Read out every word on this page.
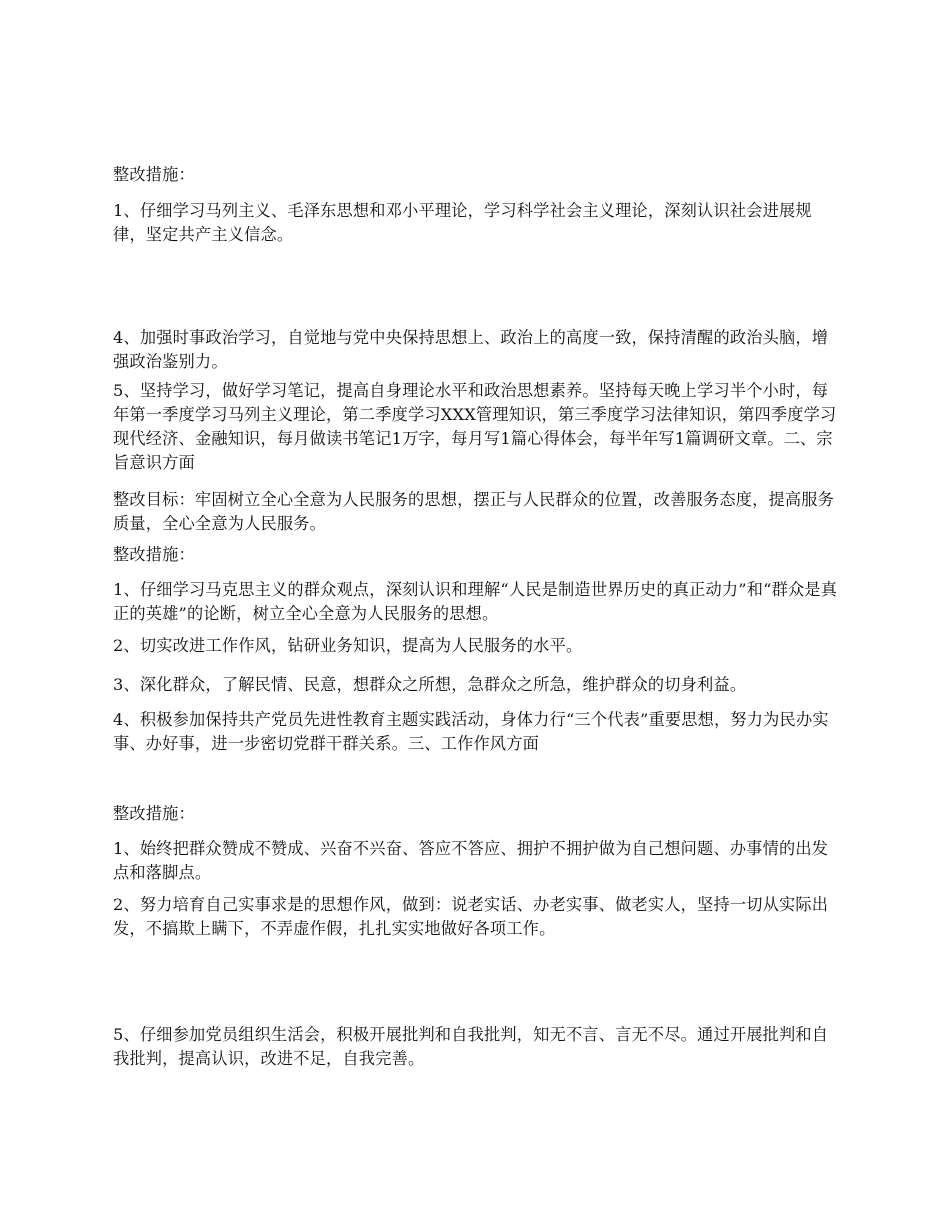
整改措施：

1、仔细学习马列主义、毛泽东思想和邓小平理论，学习科学社会主义理论，深刻认识社会进展规律，坚定共产主义信念。

4、加强时事政治学习，自觉地与党中央保持思想上、政治上的高度一致，保持清醒的政治头脑，增强政治鉴别力。

5、坚持学习，做好学习笔记，提高自身理论水平和政治思想素养。坚持每天晚上学习半个小时，每年第一季度学习马列主义理论，第二季度学习XXX管理知识，第三季度学习法律知识，第四季度学习现代经济、金融知识，每月做读书笔记1万字，每月写1篇心得体会，每半年写1篇调研文章。二、宗旨意识方面

整改目标：牢固树立全心全意为人民服务的思想，摆正与人民群众的位置，改善服务态度，提高服务质量，全心全意为人民服务。

整改措施：

1、仔细学习马克思主义的群众观点，深刻认识和理解“人民是制造世界历史的真正动力”和“群众是真正的英雄”的论断，树立全心全意为人民服务的思想。

2、切实改进工作作风，钻研业务知识，提高为人民服务的水平。

3、深化群众，了解民情、民意，想群众之所想，急群众之所急，维护群众的切身利益。

4、积极参加保持共产党员先进性教育主题实践活动，身体力行“三个代表”重要思想，努力为民办实事、办好事，进一步密切党群干群关系。三、工作作风方面

整改措施：

1、始终把群众赞成不赞成、兴奋不兴奋、答应不答应、拥护不拥护做为自己想问题、办事情的出发点和落脚点。

2、努力培育自己实事求是的思想作风，做到：说老实话、办老实事、做老实人，坚持一切从实际出发，不搞欺上瞒下，不弄虚作假，扎扎实实地做好各项工作。

5、仔细参加党员组织生活会，积极开展批判和自我批判，知无不言、言无不尽。通过开展批判和自我批判，提高认识，改进不足，自我完善。
